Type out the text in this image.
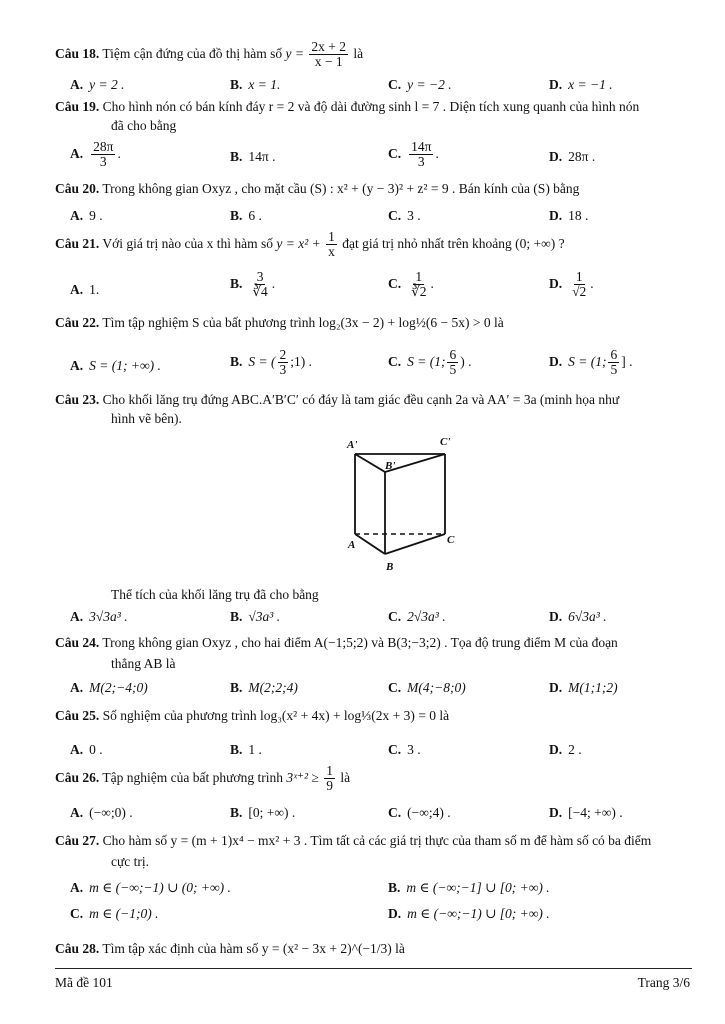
Câu 18. Tiệm cận đứng của đồ thị hàm số $y = \frac{2x + 2}{x - 1}$ là
A. y = 2 .	B. x = 1.	C. y = −2 .	D. x = −1 .
Câu 19. Cho hình nón có bán kính đáy r = 2 và độ dài đường sinh l = 7 . Diện tích xung quanh của hình nón
đã cho bằng
A. $\frac{28\pi}{3}$ .	B. 14π .	C. $\frac{14\pi}{3}$ .	D. 28π .
Câu 20. Trong không gian Oxyz , cho mặt cầu (S) : x² + (y − 3)² + z² = 9 . Bán kính của (S) bằng
A. 9 .	B. 6 .	C. 3 .	D. 18 .
Câu 21. Với giá trị nào của x thì hàm số $y = x^2 + \frac{1}{x}$ đạt giá trị nhỏ nhất trên khoảng (0; +∞) ?
A. 1.	B. $\frac{3}{∛4}$ .	C. $\frac{1}{∛2}$ .	D. $\frac{1}{√2}$ .
Câu 22. Tìm tập nghiệm S của bất phương trình log₂(3x − 2) + log½(6 − 5x) > 0 là
A. S = (1; +∞) .	B. S = ( $\frac{2}{3}$ ;1) .	C. S = (1; $\frac{6}{5}$ ) .	D. S = (1; $\frac{6}{5}$ ] .
Câu 23. Cho khối lăng trụ đứng ABC.A′B′C′ có đáy là tam giác đều cạnh 2a và AA′ = 3a (minh họa như
hình vẽ bên).
A'	C'
B'
A	C
B
Thể tích của khối lăng trụ đã cho bằng
A. 3√3a³ .	B. √3a³ .	C. 2√3a³ .	D. 6√3a³ .
Câu 24. Trong không gian Oxyz , cho hai điểm A(−1;5;2) và B(3;−3;2) . Tọa độ trung điểm M của đoạn
thẳng AB là
A. M(2;−4;0)	B. M(2;2;4)	C. M(4;−8;0)	D. M(1;1;2)
Câu 25. Số nghiệm của phương trình log₃(x² + 4x) + log⅓(2x + 3) = 0 là
A. 0 .	B. 1 .	C. 3 .	D. 2 .
Câu 26. Tập nghiệm của bất phương trình 3ˣ⁺² ≥ $\frac{1}{9}$ là
A. (−∞;0) .	B. [0; +∞) .	C. (−∞;4) .	D. [−4; +∞) .
Câu 27. Cho hàm số y = (m + 1)x⁴ − mx² + 3 . Tìm tất cả các giá trị thực của tham số m để hàm số có ba điểm
cực trị.
A. m ∈ (−∞;−1) ∪ (0; +∞) .	B. m ∈ (−∞;−1] ∪ [0; +∞) .
C. m ∈ (−1;0) .	D. m ∈ (−∞;−1) ∪ [0; +∞) .
Câu 28. Tìm tập xác định của hàm số y = (x² − 3x + 2)^(−1/3) là
Mã đề 101	Trang 3/6
